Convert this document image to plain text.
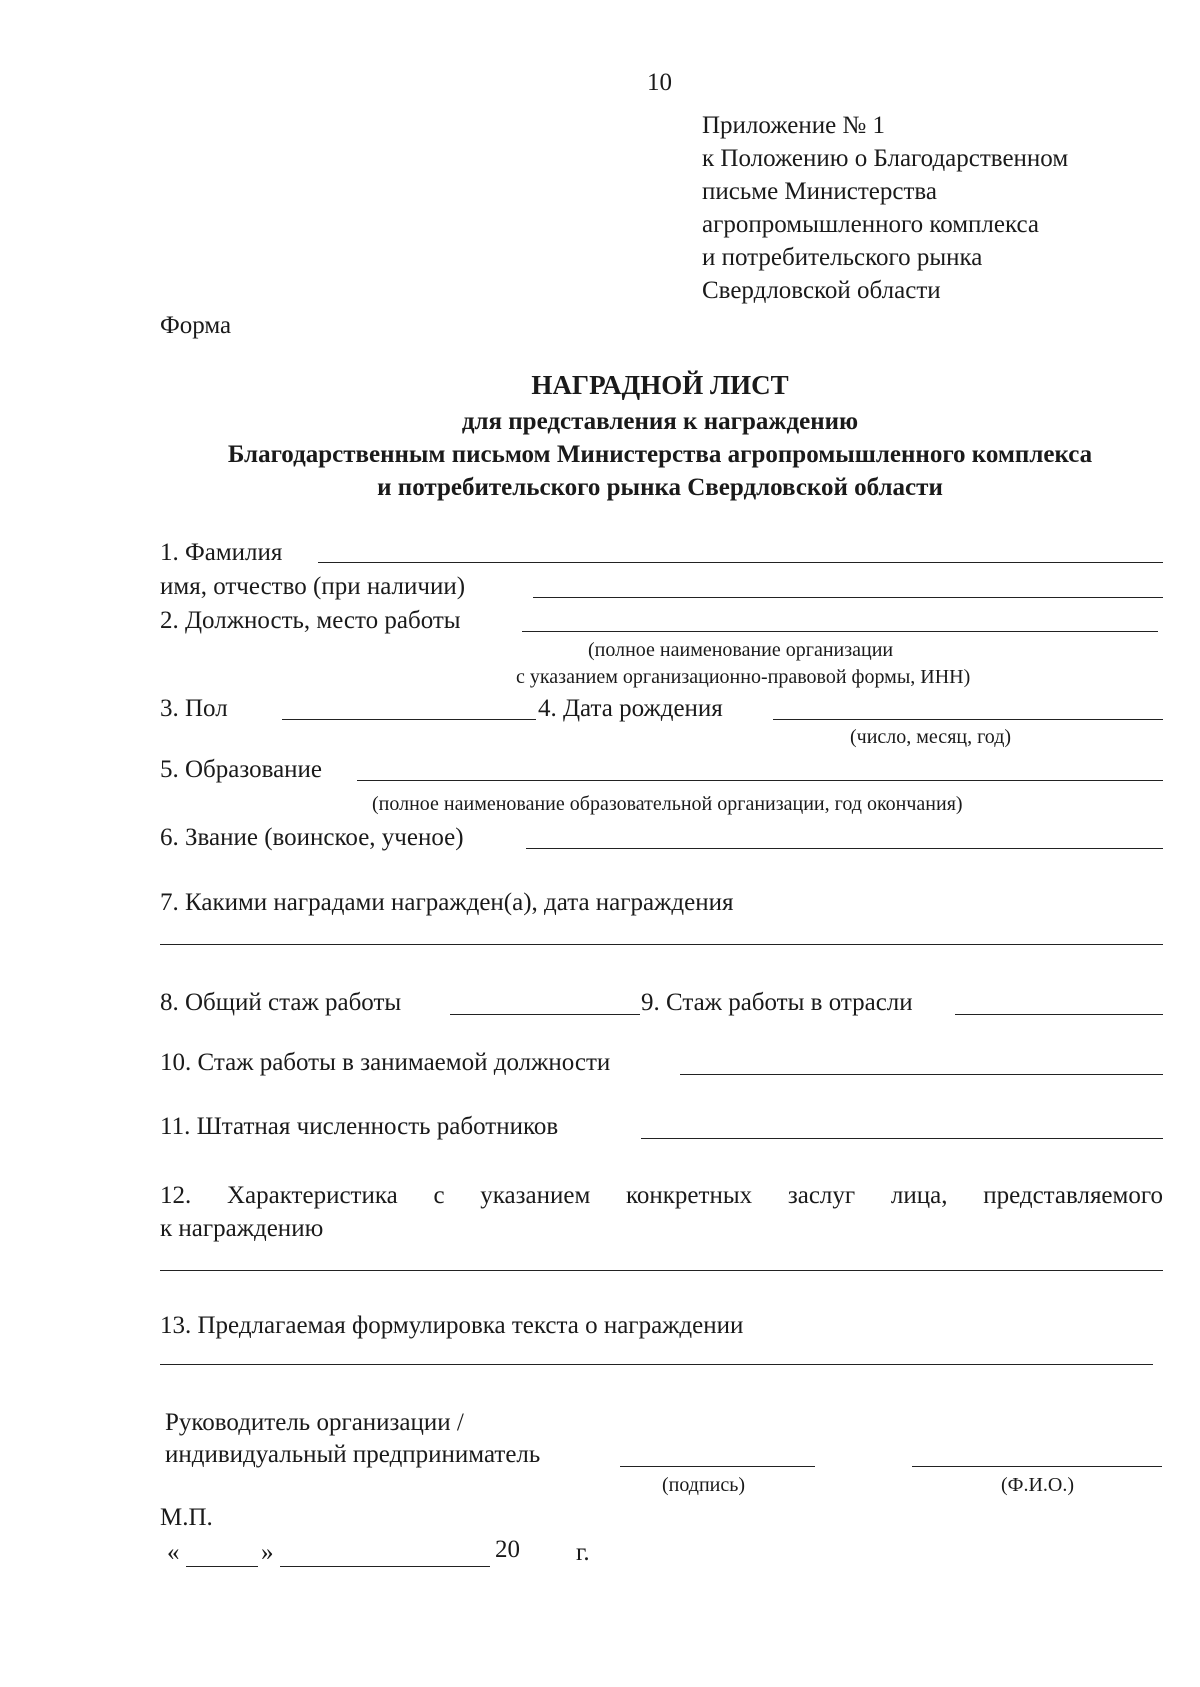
10
Приложение № 1
к Положению о Благодарственном
письме Министерства
агропромышленного комплекса
и потребительского рынка
Свердловской области
Форма
НАГРАДНОЙ ЛИСТ
для представления к награждению
Благодарственным письмом Министерства агропромышленного комплекса
и потребительского рынка Свердловской области
1. Фамилия
имя, отчество (при наличии)
2. Должность, место работы
(полное наименование организации
с указанием организационно-правовой формы, ИНН)
3. Пол	4. Дата рождения
(число, месяц, год)
5. Образование
(полное наименование образовательной организации, год окончания)
6. Звание (воинское, ученое)
7. Какими наградами награжден(а), дата награждения
8. Общий стаж работы	9. Стаж работы в отрасли
10. Стаж работы в занимаемой должности
11. Штатная численность работников
12. Характеристика с указанием конкретных заслуг лица, представляемого
к награждению
13. Предлагаемая формулировка текста о награждении
Руководитель организации /
индивидуальный предприниматель
(подпись)	(Ф.И.О.)
М.П.
«	»	20 г.
